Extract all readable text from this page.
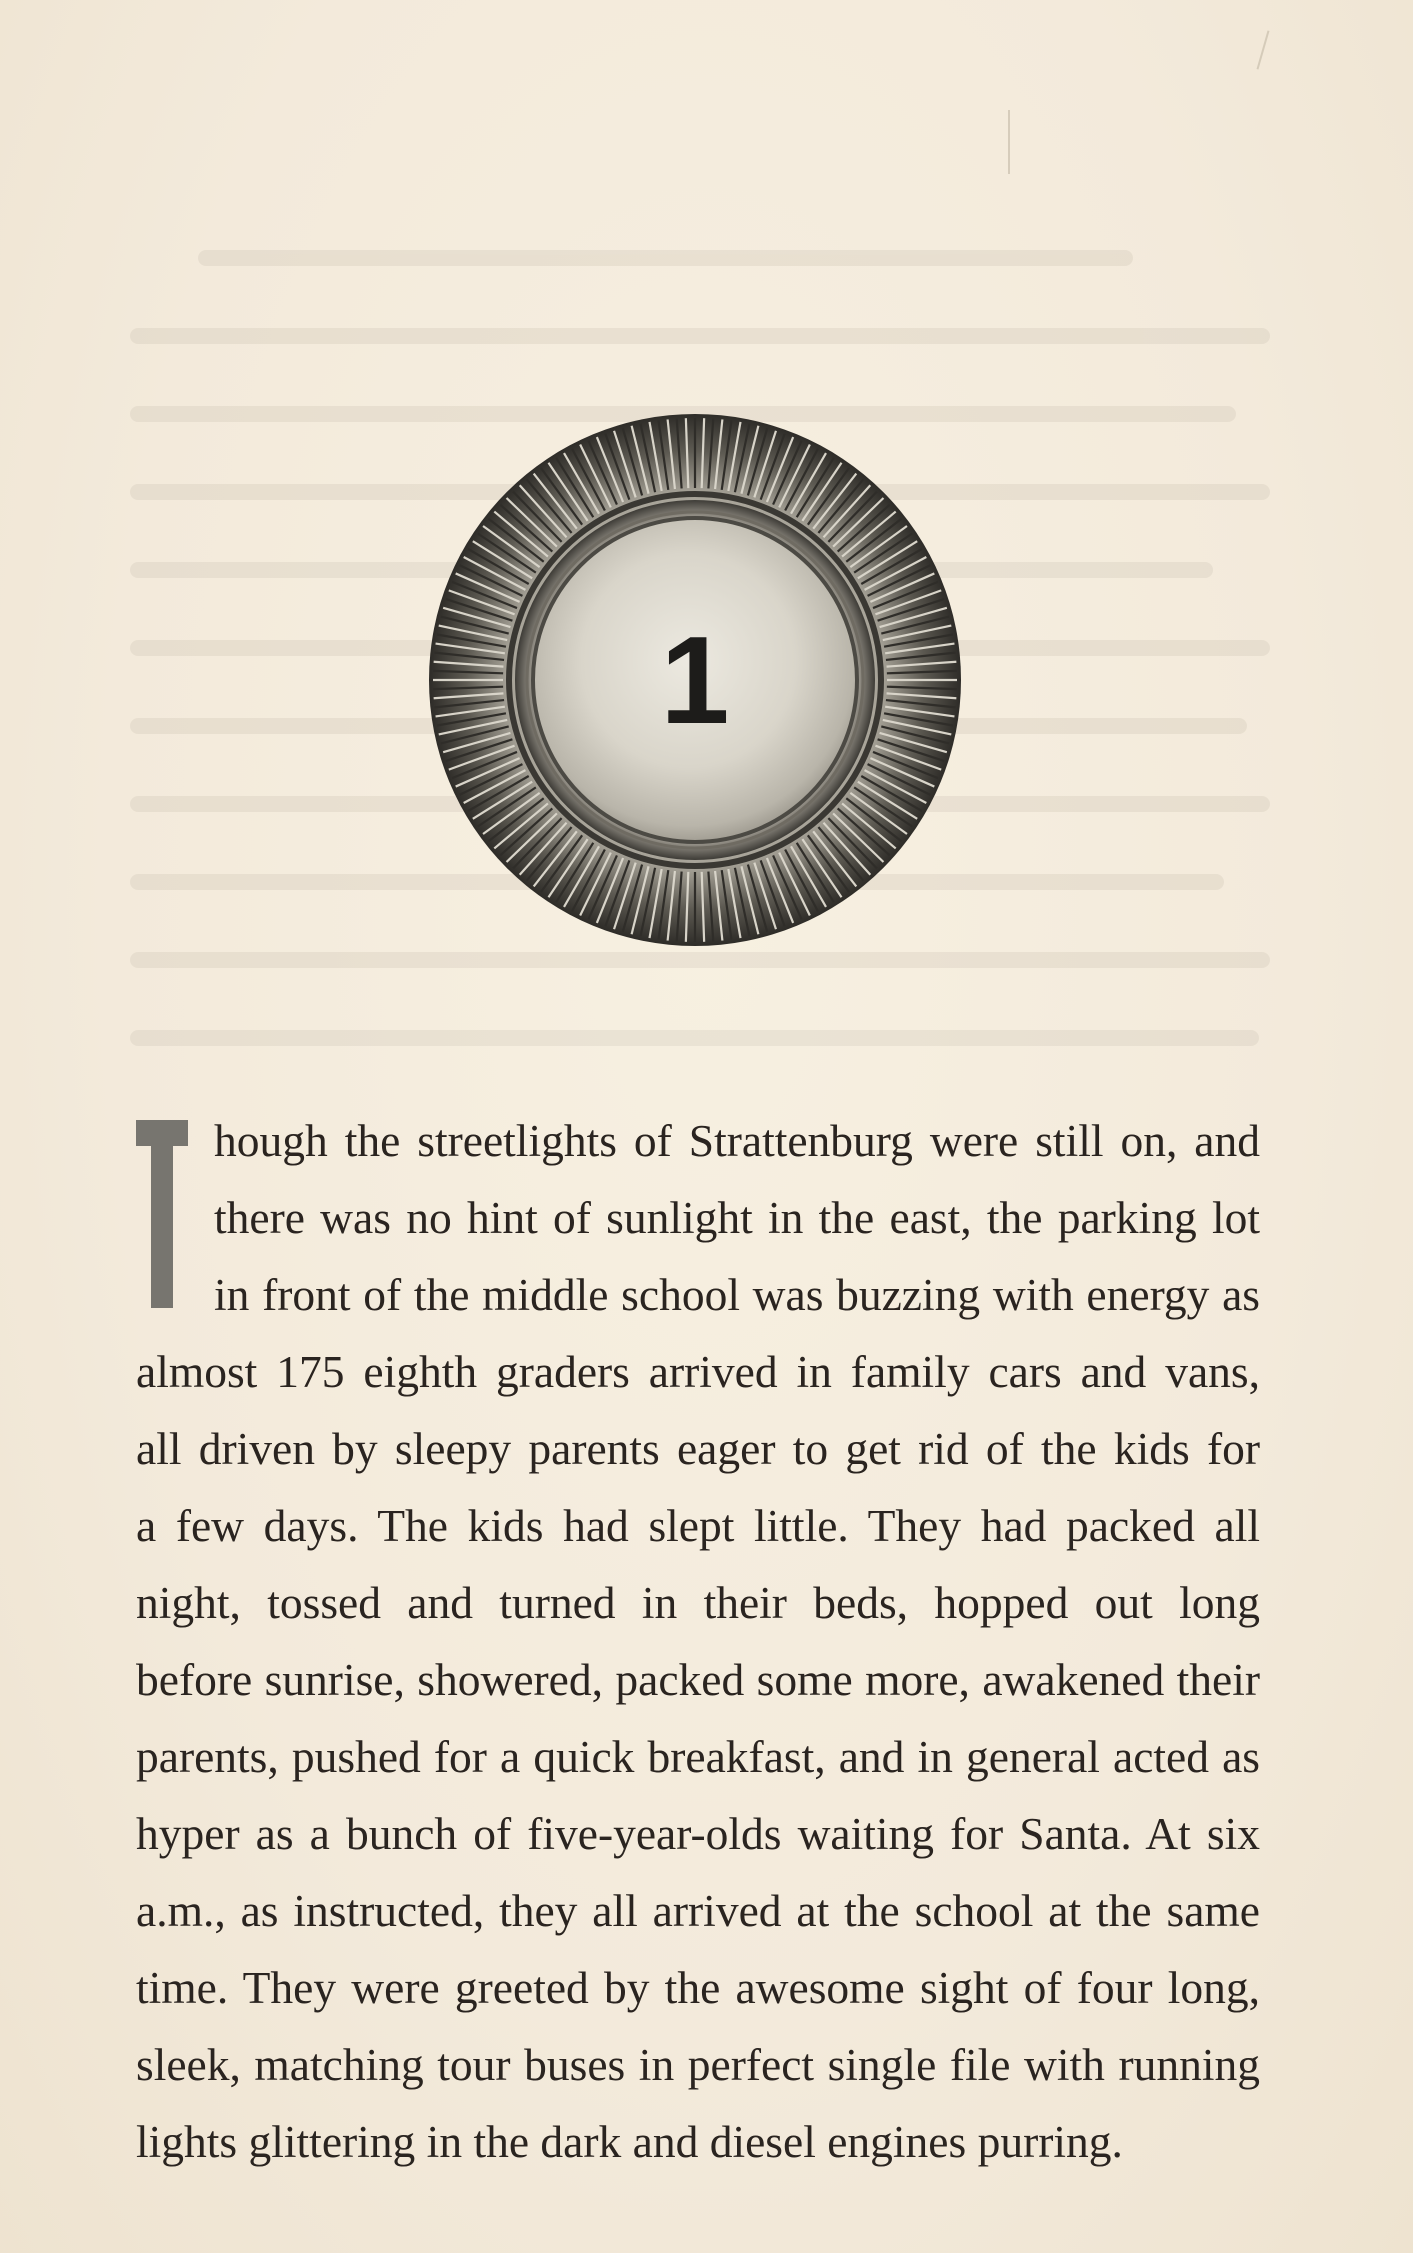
1
hough the streetlights of Strattenburg were still on, and
there was no hint of sunlight in the east, the parking lot
in front of the middle school was buzzing with energy as
almost 175 eighth graders arrived in family cars and vans,
all driven by sleepy parents eager to get rid of the kids for
a few days. The kids had slept little. They had packed all
night, tossed and turned in their beds, hopped out long
before sunrise, showered, packed some more, awakened their
parents, pushed for a quick breakfast, and in general acted as
hyper as a bunch of five-year-olds waiting for Santa. At six
a.m., as instructed, they all arrived at the school at the same
time. They were greeted by the awesome sight of four long,
sleek, matching tour buses in perfect single file with running
lights glittering in the dark and diesel engines purring.
